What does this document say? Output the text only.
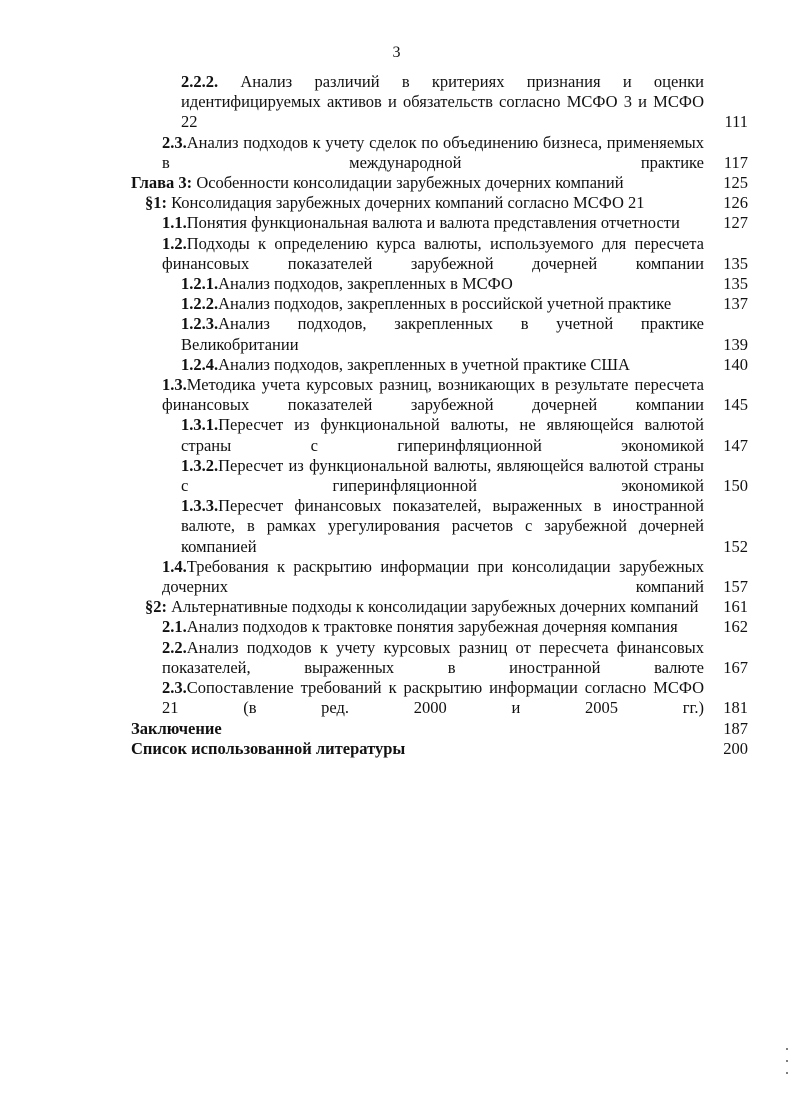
3
2.2.2. Анализ различий в критериях признания и оценки идентифицируемых активов и обязательств согласно МСФО 3 и МСФО 22	111
2.3.Анализ подходов к учету сделок по объединению бизнеса, применяемых в международной практике	117
Глава 3: Особенности консолидации зарубежных дочерних компаний	125
§1: Консолидация зарубежных дочерних компаний согласно МСФО 21	126
1.1.Понятия функциональная валюта и валюта представления отчетности	127
1.2.Подходы к определению курса валюты, используемого для пересчета финансовых показателей зарубежной дочерней компании	135
1.2.1.Анализ подходов, закрепленных в МСФО	135
1.2.2.Анализ подходов, закрепленных в российской учетной практике	137
1.2.3.Анализ подходов, закрепленных в учетной практике Великобритании	139
1.2.4.Анализ подходов, закрепленных в учетной практике США	140
1.3.Методика учета курсовых разниц, возникающих в результате пересчета финансовых показателей зарубежной дочерней компании	145
1.3.1.Пересчет из функциональной валюты, не являющейся валютой страны с гиперинфляционной экономикой	147
1.3.2.Пересчет из функциональной валюты, являющейся валютой страны с гиперинфляционной экономикой	150
1.3.3.Пересчет финансовых показателей, выраженных в иностранной валюте, в рамках урегулирования расчетов с зарубежной дочерней компанией	152
1.4.Требования к раскрытию информации при консолидации зарубежных дочерних компаний	157
§2: Альтернативные подходы к консолидации зарубежных дочерних компаний	161
2.1.Анализ подходов к трактовке понятия зарубежная дочерняя компания	162
2.2.Анализ подходов к учету курсовых разниц от пересчета финансовых показателей, выраженных в иностранной валюте	167
2.3.Сопоставление требований к раскрытию информации согласно МСФО 21 (в ред. 2000 и 2005 гг.)	181
Заключение	187
Список использованной литературы	200
